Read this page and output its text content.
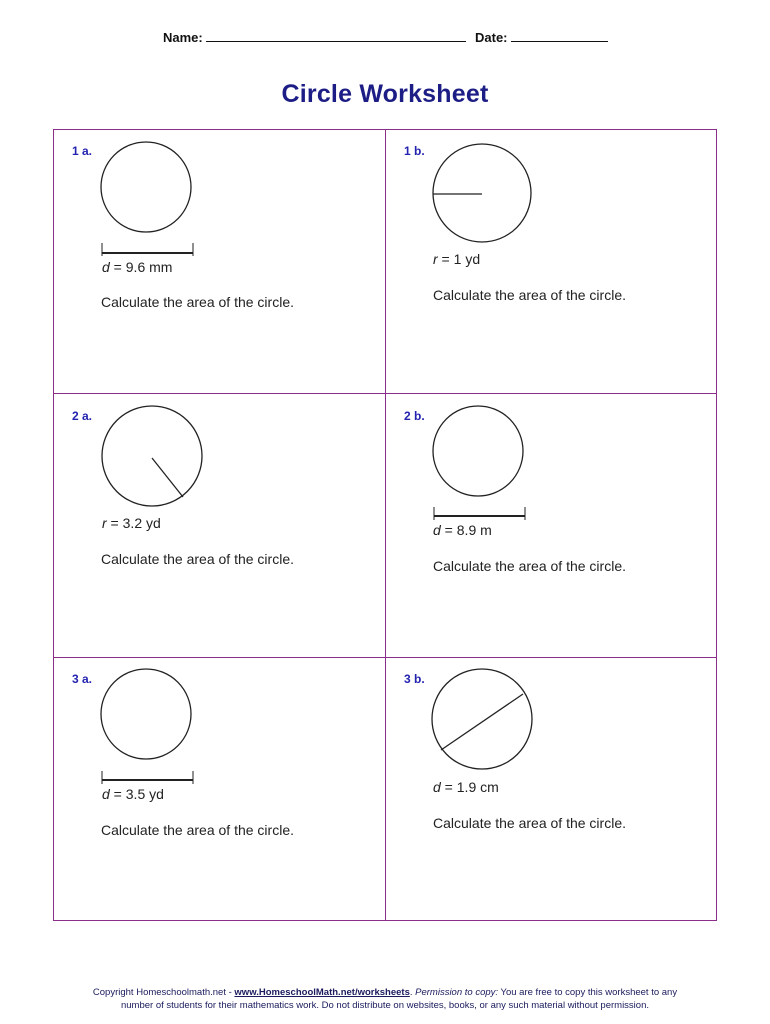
Name:	Date:
Circle Worksheet
1 a.
d = 9.6 mm
Calculate the area of the circle.
1 b.
r = 1 yd
Calculate the area of the circle.
2 a.
r = 3.2 yd
Calculate the area of the circle.
2 b.
d = 8.9 m
Calculate the area of the circle.
3 a.
d = 3.5 yd
Calculate the area of the circle.
3 b.
d = 1.9 cm
Calculate the area of the circle.
Copyright Homeschoolmath.net - www.HomeschoolMath.net/worksheets. Permission to copy: You are free to copy this worksheet to any
number of students for their mathematics work. Do not distribute on websites, books, or any such material without permission.
